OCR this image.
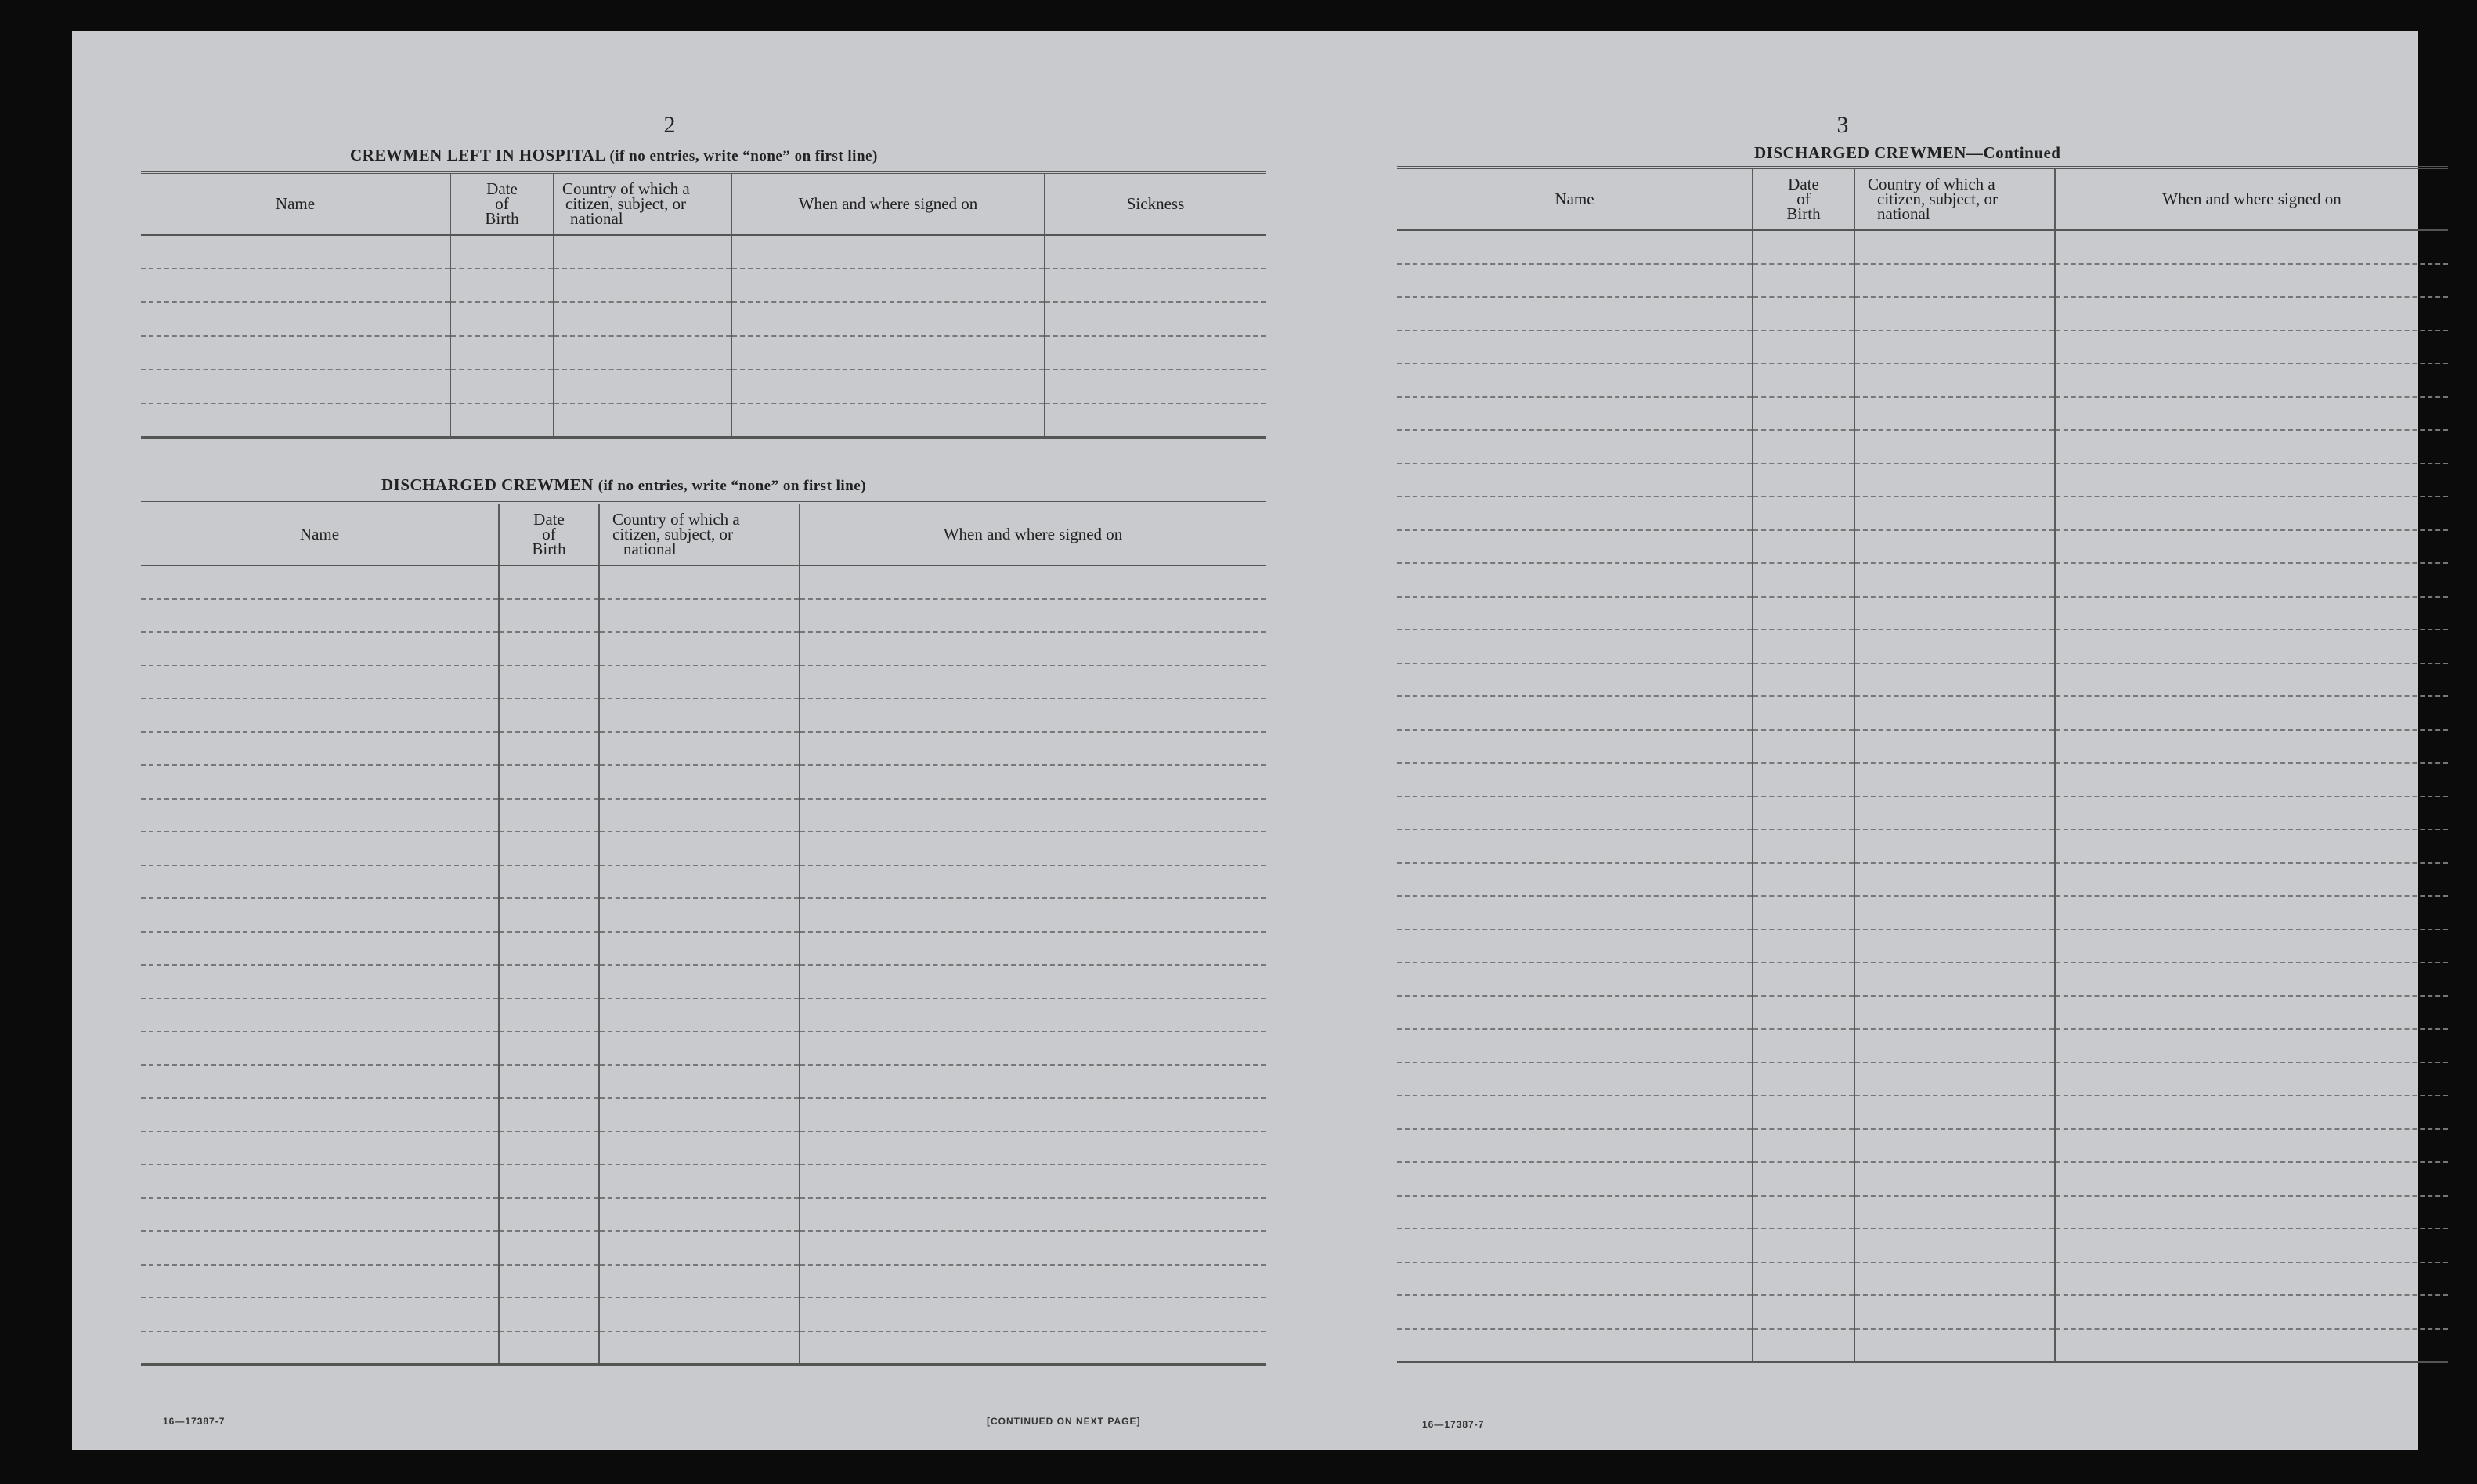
2
CREWMEN LEFT IN HOSPITAL (if no entries, write “none” on first line)
Name	Date
of
Birth	Country of which a
citizen, subject, or
national	When and where signed on	Sickness

DISCHARGED CREWMEN (if no entries, write “none” on first line)
Name	Date
of
Birth	Country of which a
citizen, subject, or
national	When and where signed on

16—17387-7	[CONTINUED ON NEXT PAGE]
3
DISCHARGED CREWMEN—Continued
Name	Date
of
Birth	Country of which a
citizen, subject, or
national	When and where signed on

16—17387-7
